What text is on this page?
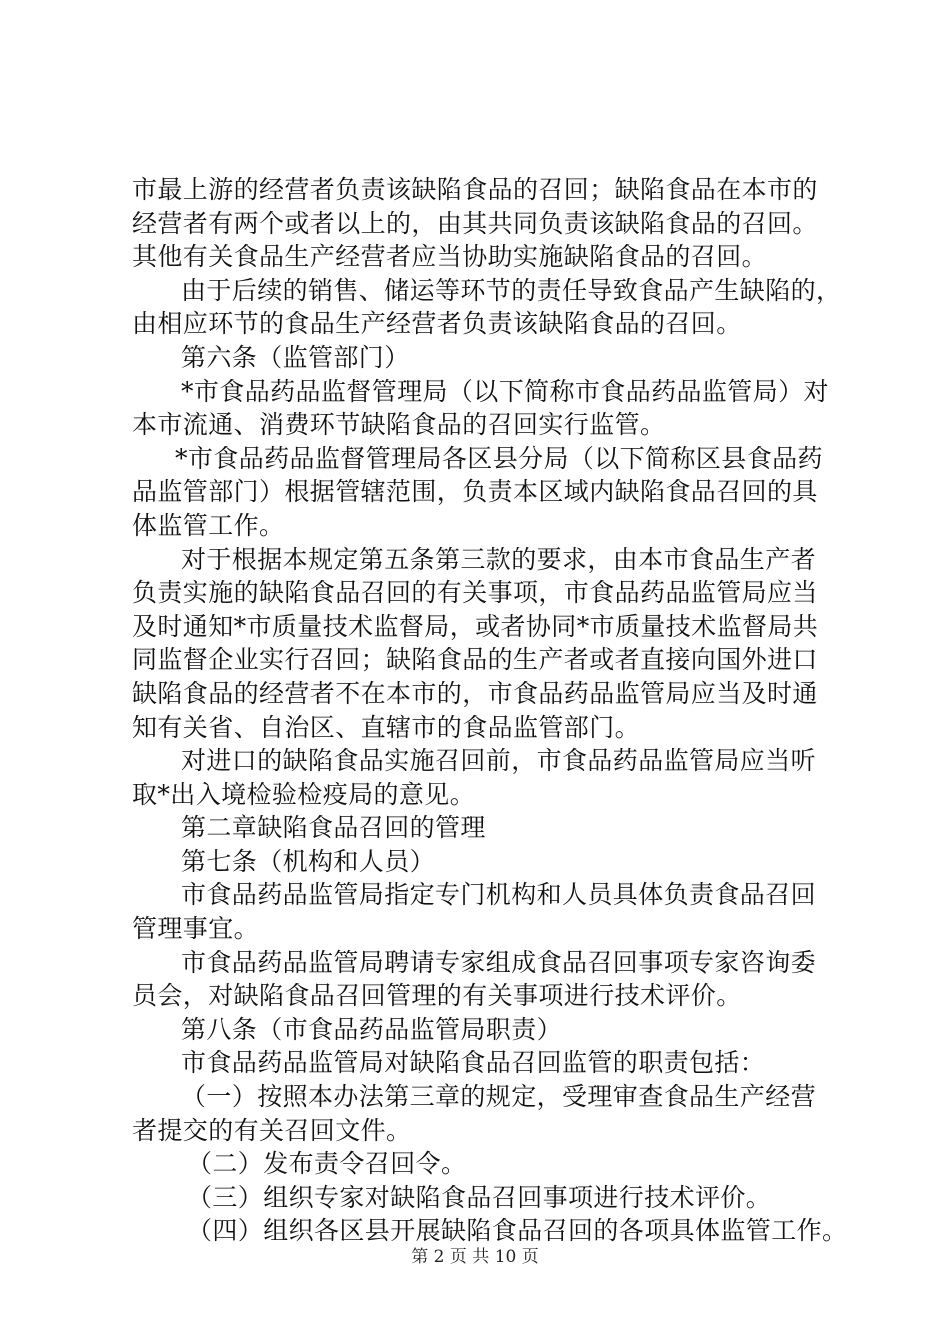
市最上游的经营者负责该缺陷食品的召回；缺陷食品在本市的
经营者有两个或者以上的，由其共同负责该缺陷食品的召回。
其他有关食品生产经营者应当协助实施缺陷食品的召回。
由于后续的销售、储运等环节的责任导致食品产生缺陷的，
由相应环节的食品生产经营者负责该缺陷食品的召回。
第六条（监管部门）
*市食品药品监督管理局（以下简称市食品药品监管局）对
本市流通、消费环节缺陷食品的召回实行监管。
*市食品药品监督管理局各区县分局（以下简称区县食品药
品监管部门）根据管辖范围，负责本区域内缺陷食品召回的具
体监管工作。
对于根据本规定第五条第三款的要求，由本市食品生产者
负责实施的缺陷食品召回的有关事项，市食品药品监管局应当
及时通知*市质量技术监督局，或者协同*市质量技术监督局共
同监督企业实行召回；缺陷食品的生产者或者直接向国外进口
缺陷食品的经营者不在本市的，市食品药品监管局应当及时通
知有关省、自治区、直辖市的食品监管部门。
对进口的缺陷食品实施召回前，市食品药品监管局应当听
取*出入境检验检疫局的意见。
第二章缺陷食品召回的管理
第七条（机构和人员）
市食品药品监管局指定专门机构和人员具体负责食品召回
管理事宜。
市食品药品监管局聘请专家组成食品召回事项专家咨询委
员会，对缺陷食品召回管理的有关事项进行技术评价。
第八条（市食品药品监管局职责）
市食品药品监管局对缺陷食品召回监管的职责包括：
（一）按照本办法第三章的规定，受理审查食品生产经营
者提交的有关召回文件。
（二）发布责令召回令。
（三）组织专家对缺陷食品召回事项进行技术评价。
（四）组织各区县开展缺陷食品召回的各项具体监管工作。
第 2 页 共 10 页
